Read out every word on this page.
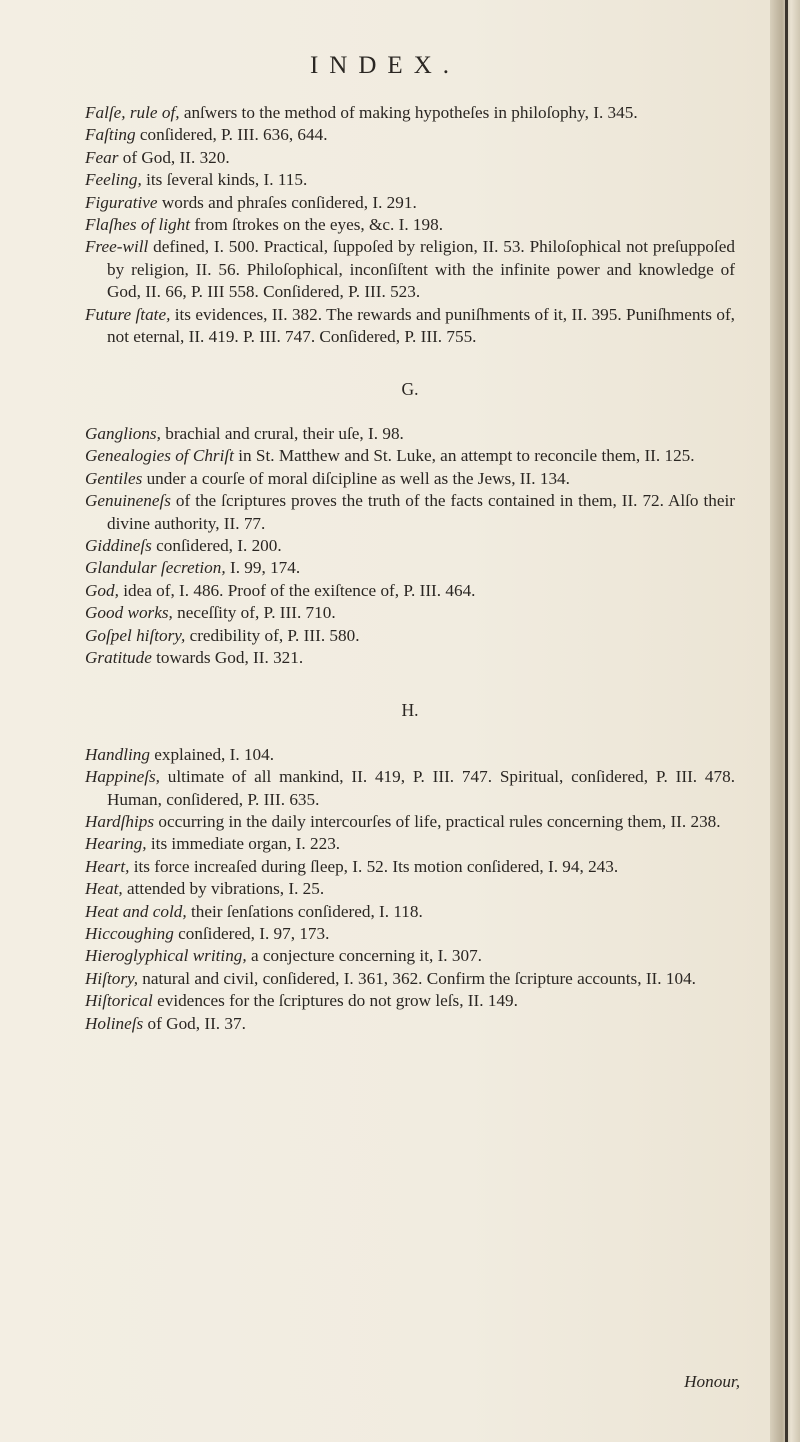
INDEX.

Falſe, rule of, anſwers to the method of making hypotheſes in philoſophy, I. 345.

Faſting conſidered, P. III. 636, 644.

Fear of God, II. 320.

Feeling, its ſeveral kinds, I. 115.

Figurative words and phraſes conſidered, I. 291.

Flaſhes of light from ſtrokes on the eyes, &c. I. 198.

Free-will defined, I. 500. Practical, ſuppoſed by religion, II. 53. Philoſophical not preſuppoſed by religion, II. 56. Philoſophical, inconſiſtent with the infinite power and knowledge of God, II. 66, P. III 558. Conſidered, P. III. 523.

Future ſtate, its evidences, II. 382. The rewards and puniſhments of it, II. 395. Puniſhments of, not eternal, II. 419. P. III. 747. Conſidered, P. III. 755.

G.

Ganglions, brachial and crural, their uſe, I. 98.

Genealogies of Chriſt in St. Matthew and St. Luke, an attempt to reconcile them, II. 125.

Gentiles under a courſe of moral diſcipline as well as the Jews, II. 134.

Genuineneſs of the ſcriptures proves the truth of the facts contained in them, II. 72. Alſo their divine authority, II. 77.

Giddineſs conſidered, I. 200.

Glandular ſecretion, I. 99, 174.

God, idea of, I. 486. Proof of the exiſtence of, P. III. 464.

Good works, neceſſity of, P. III. 710.

Goſpel hiſtory, credibility of, P. III. 580.

Gratitude towards God, II. 321.

H.

Handling explained, I. 104.

Happineſs, ultimate of all mankind, II. 419, P. III. 747. Spiritual, conſidered, P. III. 478. Human, conſidered, P. III. 635.

Hardſhips occurring in the daily intercourſes of life, practical rules concerning them, II. 238.

Hearing, its immediate organ, I. 223.

Heart, its force increaſed during ſleep, I. 52. Its motion conſidered, I. 94, 243.

Heat, attended by vibrations, I. 25.

Heat and cold, their ſenſations conſidered, I. 118.

Hiccoughing conſidered, I. 97, 173.

Hieroglyphical writing, a conjecture concerning it, I. 307.

Hiſtory, natural and civil, conſidered, I. 361, 362. Confirm the ſcripture accounts, II. 104.

Hiſtorical evidences for the ſcriptures do not grow leſs, II. 149.

Holineſs of God, II. 37.

Honour,
